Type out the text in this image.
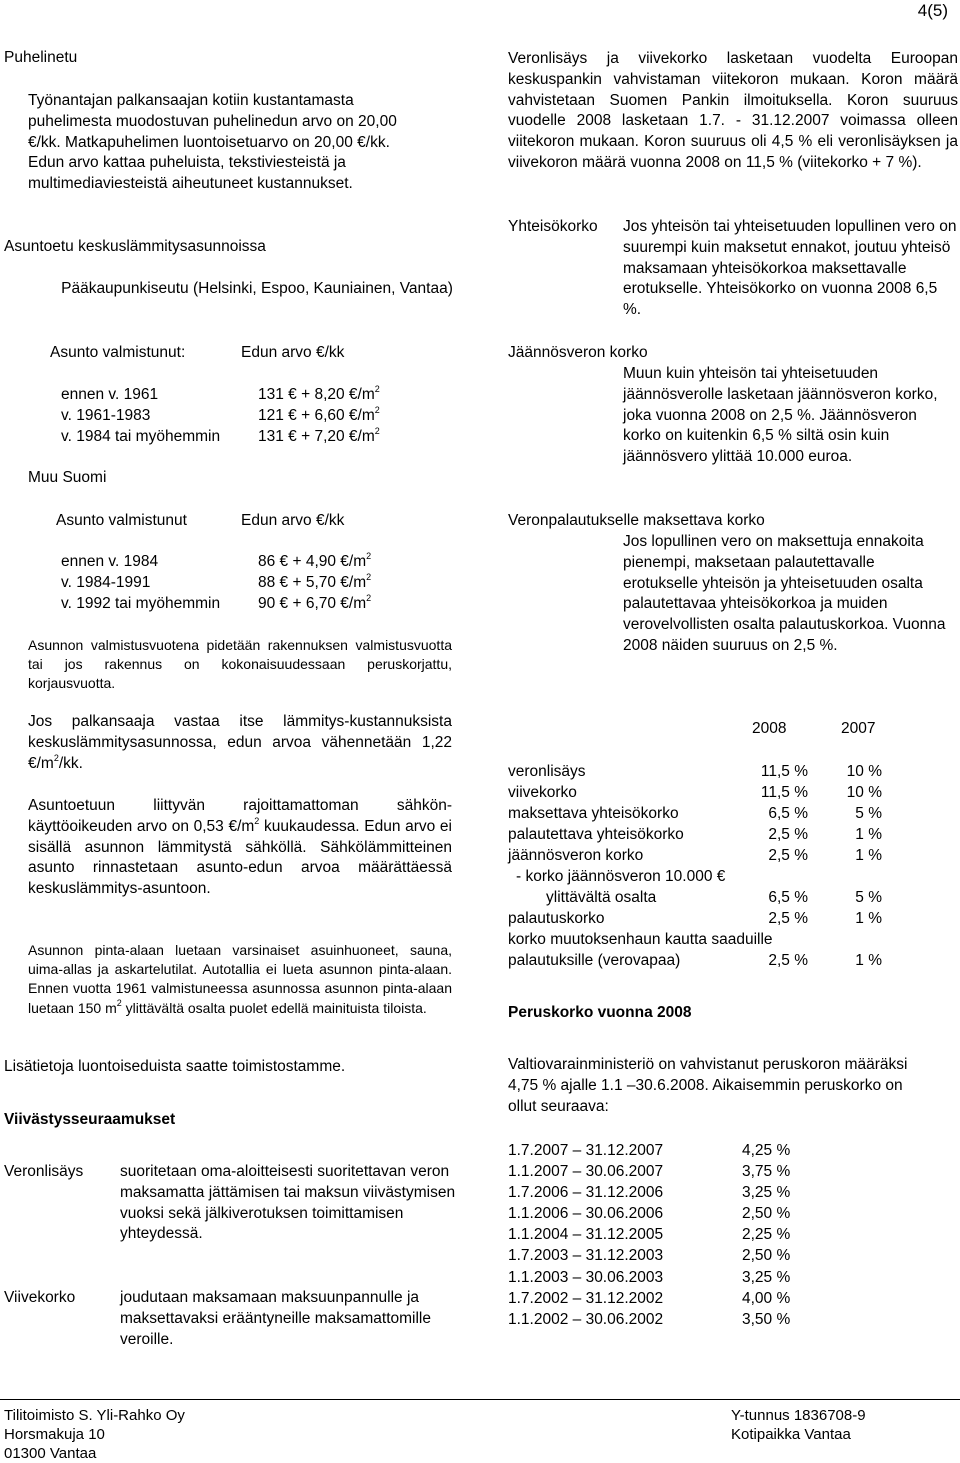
4(5)
Puhelinetu
Työnantajan palkansaajan kotiin kustantamasta puhelimesta muodostuvan puhelinedun arvo on 20,00 €/kk. Matkapuhelimen luontoisetuarvo on 20,00 €/kk. Edun arvo kattaa puheluista, tekstiviesteistä ja multimediaviesteistä aiheutuneet kustannukset.
Asuntoetu keskuslämmitysasunnoissa
Pääkaupunkiseutu (Helsinki, Espoo, Kauniainen, Vantaa)
Asunto valmistunut:	Edun arvo €/kk
ennen v. 1961	131 € + 8,20 $€/m^2$
v. 1961-1983	121 € + 6,60 $€/m^2$
v. 1984 tai myöhemmin 131 € + 7,20 $€/m^2$
Muu Suomi
Asunto valmistunut	Edun arvo €/kk
ennen v. 1984	86 € + 4,90 $€/m^2$
v. 1984-1991	88 € + 5,70 $€/m^2$
v. 1992 tai myöhemmin 90 € + 6,70 $€/m^2$
Asunnon valmistusvuotena pidetään rakennuksen valmistusvuotta tai jos rakennus on kokonaisuudessaan peruskorjattu, korjausvuotta.
Jos palkansaaja vastaa itse lämmitys-kustannuksista keskuslämmitysasunnossa, edun arvoa vähennetään 1,22 $€/m^2/kk$.
Asuntoetuun liittyvän rajoittamattoman sähkön-käyttöoikeuden arvo on 0,53 $€/m^2$ kuukaudessa. Edun arvo ei sisällä asunnon lämmitystä sähköllä. Sähkölämmitteinen asunto rinnastetaan asunto-edun arvoa määrättäessä keskuslämmitys-asuntoon.
Asunnon pinta-alaan luetaan varsinaiset asuinhuoneet, sauna, uima-allas ja askartelutilat. Autotallia ei lueta asunnon pinta-alaan. Ennen vuotta 1961 valmistuneessa asunnossa asunnon pinta-alaan luetaan 150 $m^2$ ylittävältä osalta puolet edellä mainituista tiloista.
Lisätietoja luontoiseduista saatte toimistostamme.
Viivästysseuraamukset
Veronlisäys suoritetaan oma-aloitteisesti suoritettavan veron maksamatta jättämisen tai maksun viivästymisen vuoksi sekä jälkiverotuksen toimittamisen yhteydessä.
Viivekorko	joudutaan maksamaan maksuunpannulle ja maksettavaksi erääntyneille maksamattomille veroille.
Veronlisäys ja viivekorko lasketaan vuodelta Euroopan keskuspankin vahvistaman viitekoron mukaan. Koron määrä vahvistetaan Suomen Pankin ilmoituksella. Koron suuruus vuodelle 2008 lasketaan 1.7. - 31.12.2007 voimassa olleen viitekoron mukaan. Koron suuruus oli 4,5 % eli veronlisäyksen ja viivekoron määrä vuonna 2008 on 11,5 % (viitekorko + 7 %).
Yhteisökorko Jos yhteisön tai yhteisetuuden lopullinen vero on suurempi kuin maksetut ennakot, joutuu yhteisö maksamaan yhteisökorkoa maksettavalle erotukselle. Yhteisökorko on vuonna 2008 6,5 %.
Jäännösveron korko
Muun kuin yhteisön tai yhteisetuuden jäännösverolle lasketaan jäännösveron korko, joka vuonna 2008 on 2,5 %. Jäännösveron korko on kuitenkin 6,5 % siltä osin kuin jäännösvero ylittää 10.000 euroa.
Veronpalautukselle maksettava korko
Jos lopullinen vero on maksettuja ennakoita pienempi, maksetaan palautettavalle erotukselle yhteisön ja yhteisetuuden osalta palautettavaa yhteisökorkoa ja muiden verovelvollisten osalta palautuskorkoa. Vuonna 2008 näiden suuruus on 2,5 %.
2008	2007
veronlisäys	11,5 % 10 %
viivekorko	11,5 % 10 %
maksettava yhteisökorko	6,5 %	5 %
palautettava yhteisökorko	2,5 %	1 %
jäännösveron korko	2,5 %	1 %
- korko jäännösveron 10.000 €
ylittävältä osalta	6,5 %	5 %
palautuskorko	2,5 %	1 %
korko muutoksenhaun kautta saaduille
palautuksille (verovapaa)	2,5 %	1 %
Peruskorko vuonna 2008
Valtiovarainministeriö on vahvistanut peruskoron määräksi 4,75 % ajalle 1.1 –30.6.2008. Aikaisemmin peruskorko on ollut seuraava:
1.7.2007 – 31.12.2007	4,25 %
1.1.2007 – 30.06.2007	3,75 %
1.7.2006 – 31.12.2006	3,25 %
1.1.2006 – 30.06.2006	2,50 %
1.1.2004 – 31.12.2005	2,25 %
1.7.2003 – 31.12.2003	2,50 %
1.1.2003 – 30.06.2003	3,25 %
1.7.2002 – 31.12.2002	4,00 %
1.1.2002 – 30.06.2002	3,50 %
Tilitoimisto S. Yli-Rahko Oy
Horsmakuja 10
01300 Vantaa
Y-tunnus 1836708-9
Kotipaikka Vantaa
